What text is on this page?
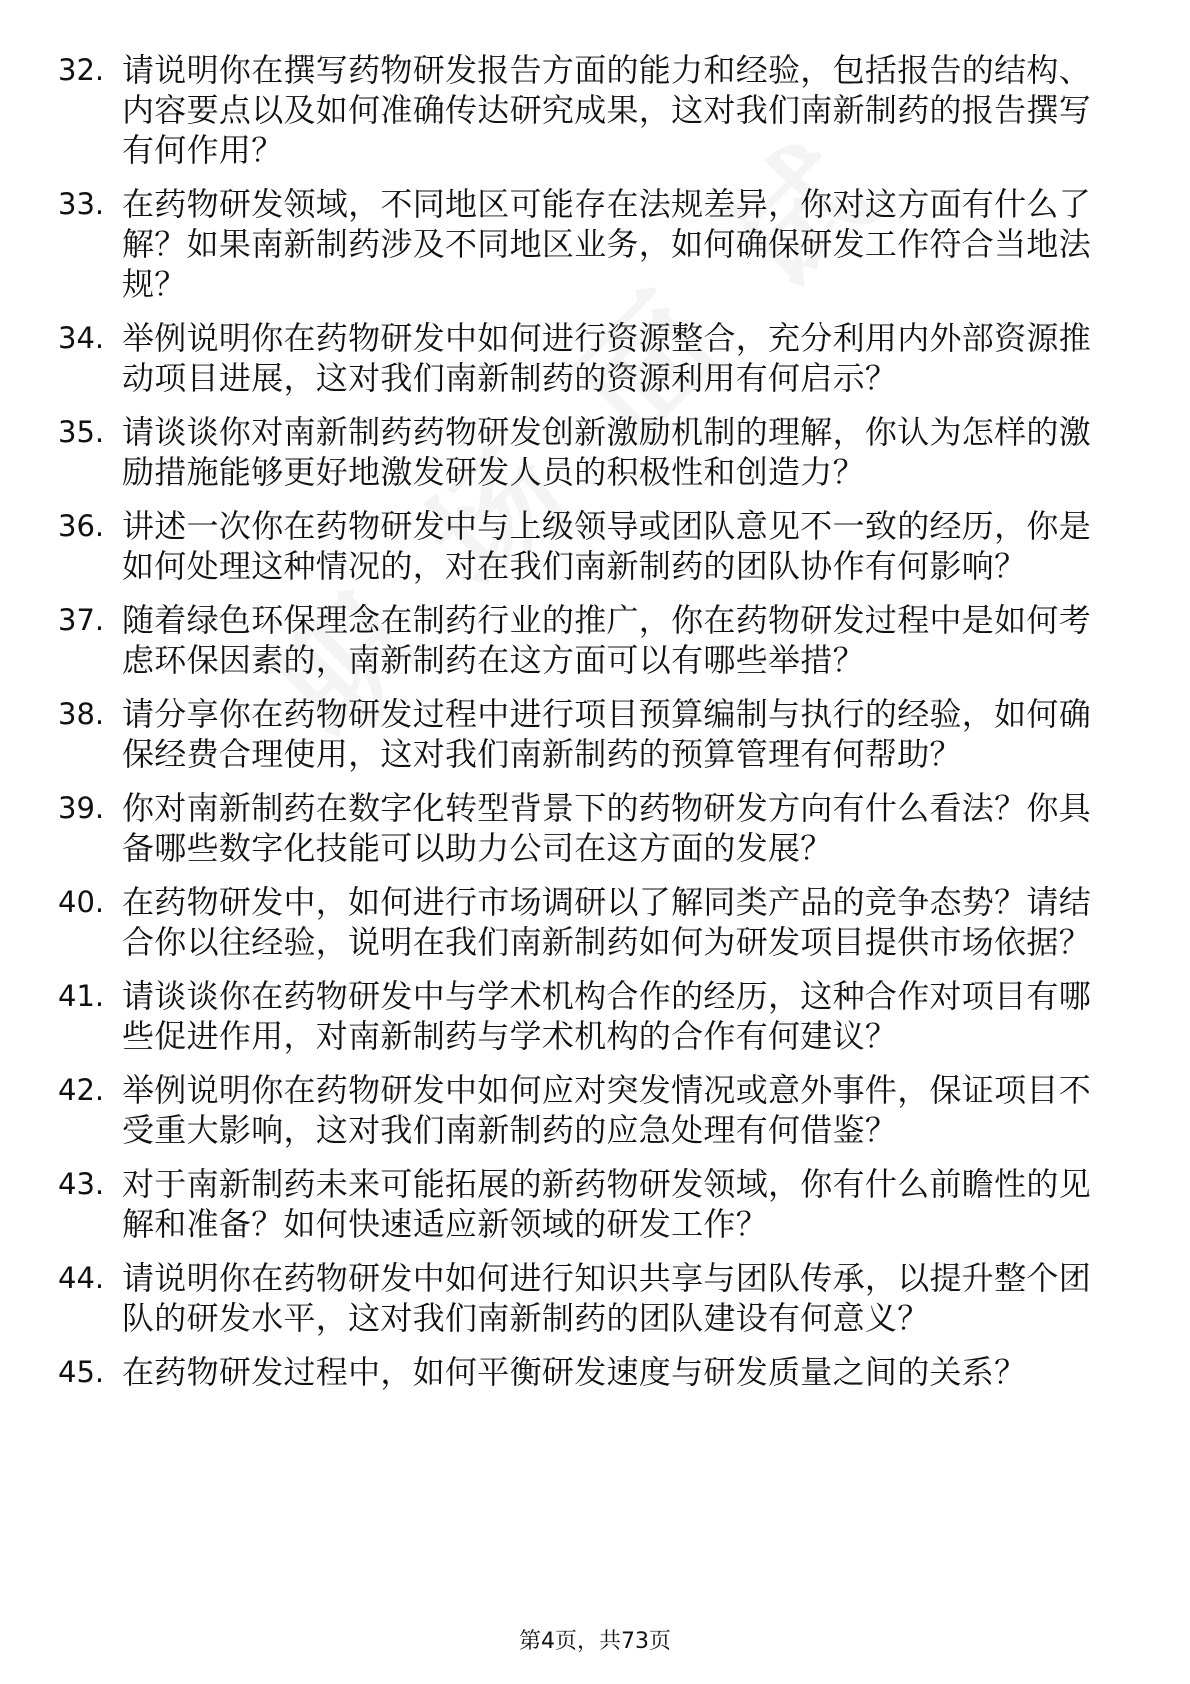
32. 请说明你在撰写药物研发报告方面的能力和经验，包括报告的结构、内容要点以及如何准确传达研究成果，这对我们南新制药的报告撰写有何作用？
33. 在药物研发领域，不同地区可能存在法规差异，你对这方面有什么了解？如果南新制药涉及不同地区业务，如何确保研发工作符合当地法规？
34. 举例说明你在药物研发中如何进行资源整合，充分利用内外部资源推动项目进展，这对我们南新制药的资源利用有何启示？
35. 请谈谈你对南新制药药物研发创新激励机制的理解，你认为怎样的激励措施能够更好地激发研发人员的积极性和创造力？
36. 讲述一次你在药物研发中与上级领导或团队意见不一致的经历，你是如何处理这种情况的，对在我们南新制药的团队协作有何影响？
37. 随着绿色环保理念在制药行业的推广，你在药物研发过程中是如何考虑环保因素的，南新制药在这方面可以有哪些举措？
38. 请分享你在药物研发过程中进行项目预算编制与执行的经验，如何确保经费合理使用，这对我们南新制药的预算管理有何帮助？
39. 你对南新制药在数字化转型背景下的药物研发方向有什么看法？你具备哪些数字化技能可以助力公司在这方面的发展？
40. 在药物研发中，如何进行市场调研以了解同类产品的竞争态势？请结合你以往经验，说明在我们南新制药如何为研发项目提供市场依据？
41. 请谈谈你在药物研发中与学术机构合作的经历，这种合作对项目有哪些促进作用，对南新制药与学术机构的合作有何建议？
42. 举例说明你在药物研发中如何应对突发情况或意外事件，保证项目不受重大影响，这对我们南新制药的应急处理有何借鉴？
43. 对于南新制药未来可能拓展的新药物研发领域，你有什么前瞻性的见解和准备？如何快速适应新领域的研发工作？
44. 请说明你在药物研发中如何进行知识共享与团队传承，以提升整个团队的研发水平，这对我们南新制药的团队建设有何意义？
45. 在药物研发过程中，如何平衡研发速度与研发质量之间的关系？
第4页，共73页
